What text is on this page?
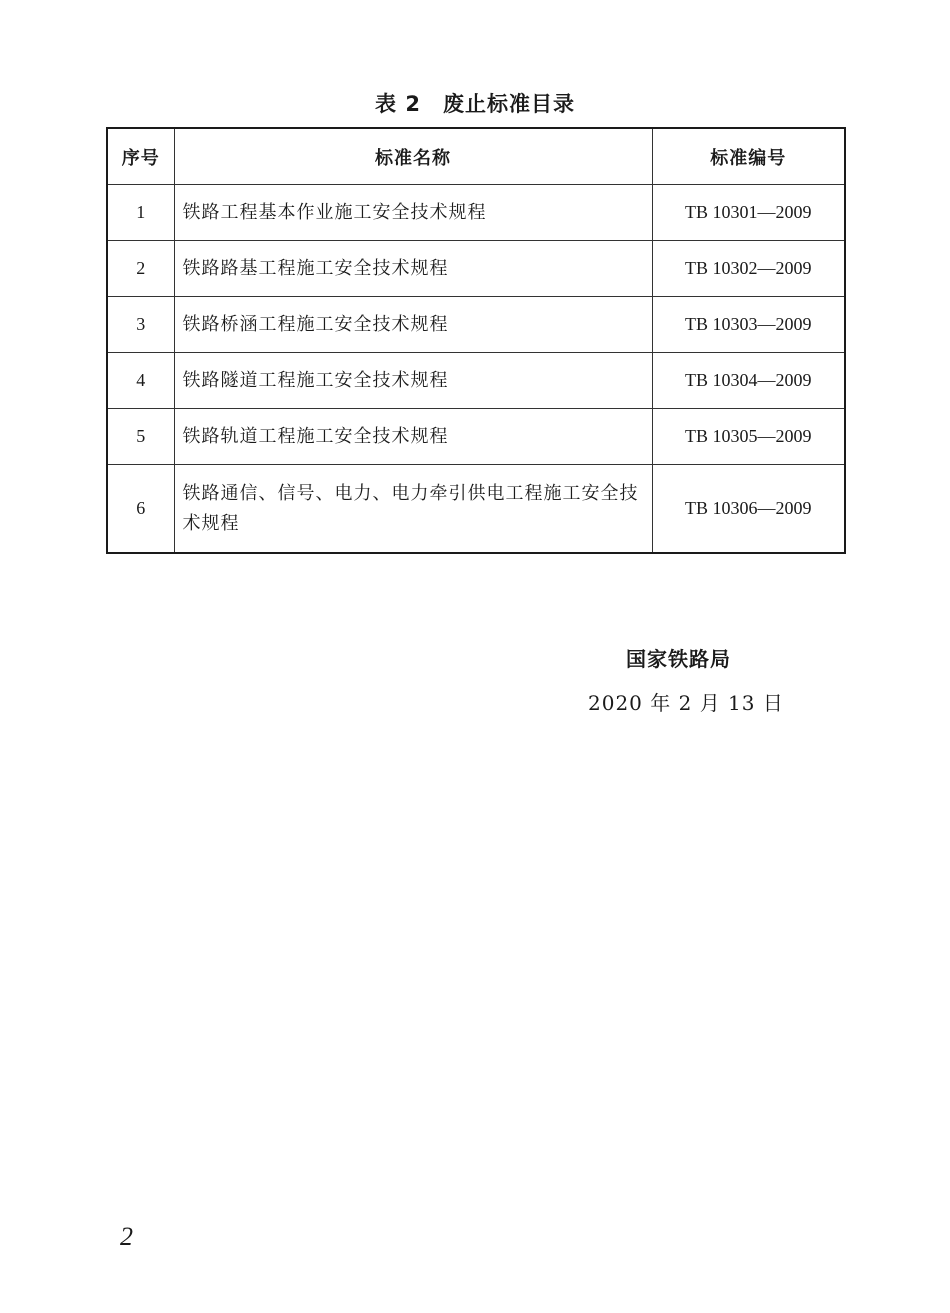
表 2 废止标准目录
序号	标准名称	标准编号
1	铁路工程基本作业施工安全技术规程	TB 10301—2009
2	铁路路基工程施工安全技术规程	TB 10302—2009
3	铁路桥涵工程施工安全技术规程	TB 10303—2009
4	铁路隧道工程施工安全技术规程	TB 10304—2009
5	铁路轨道工程施工安全技术规程	TB 10305—2009
6	铁路通信、信号、电力、电力牵引供电工程施工安全技术规程	TB 10306—2009
国家铁路局
2020 年 2 月 13 日
2
